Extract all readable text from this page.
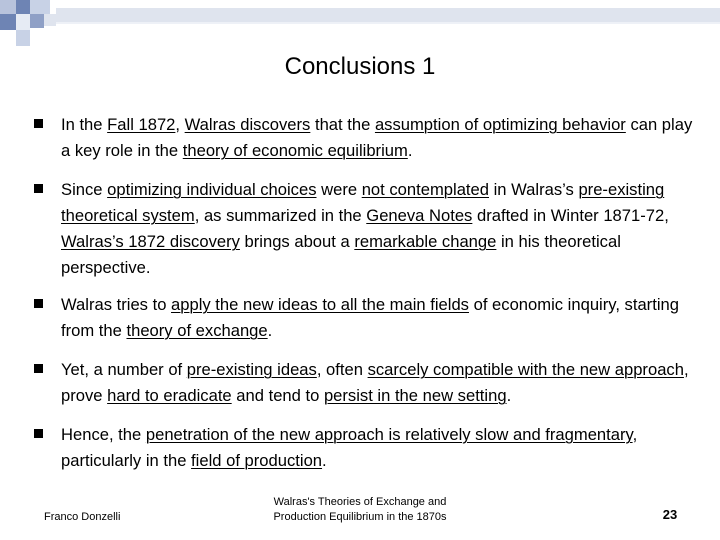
Conclusions 1
In the Fall 1872, Walras discovers that the assumption of optimizing behavior can play a key role in the theory of economic equilibrium.
Since optimizing individual choices were not contemplated in Walras’s pre-existing theoretical system, as summarized in the Geneva Notes drafted in Winter 1871-72, Walras’s 1872 discovery brings about a remarkable change in his theoretical perspective.
Walras tries to apply the new ideas to all the main fields of economic inquiry, starting from the theory of exchange.
Yet, a number of pre-existing ideas, often scarcely compatible with the new approach, prove hard to eradicate and tend to persist in the new setting.
Hence, the penetration of the new approach is relatively slow and fragmentary, particularly in the field of production.
Franco Donzelli
Walras's Theories of Exchange and
Production Equilibrium in the 1870s	23
